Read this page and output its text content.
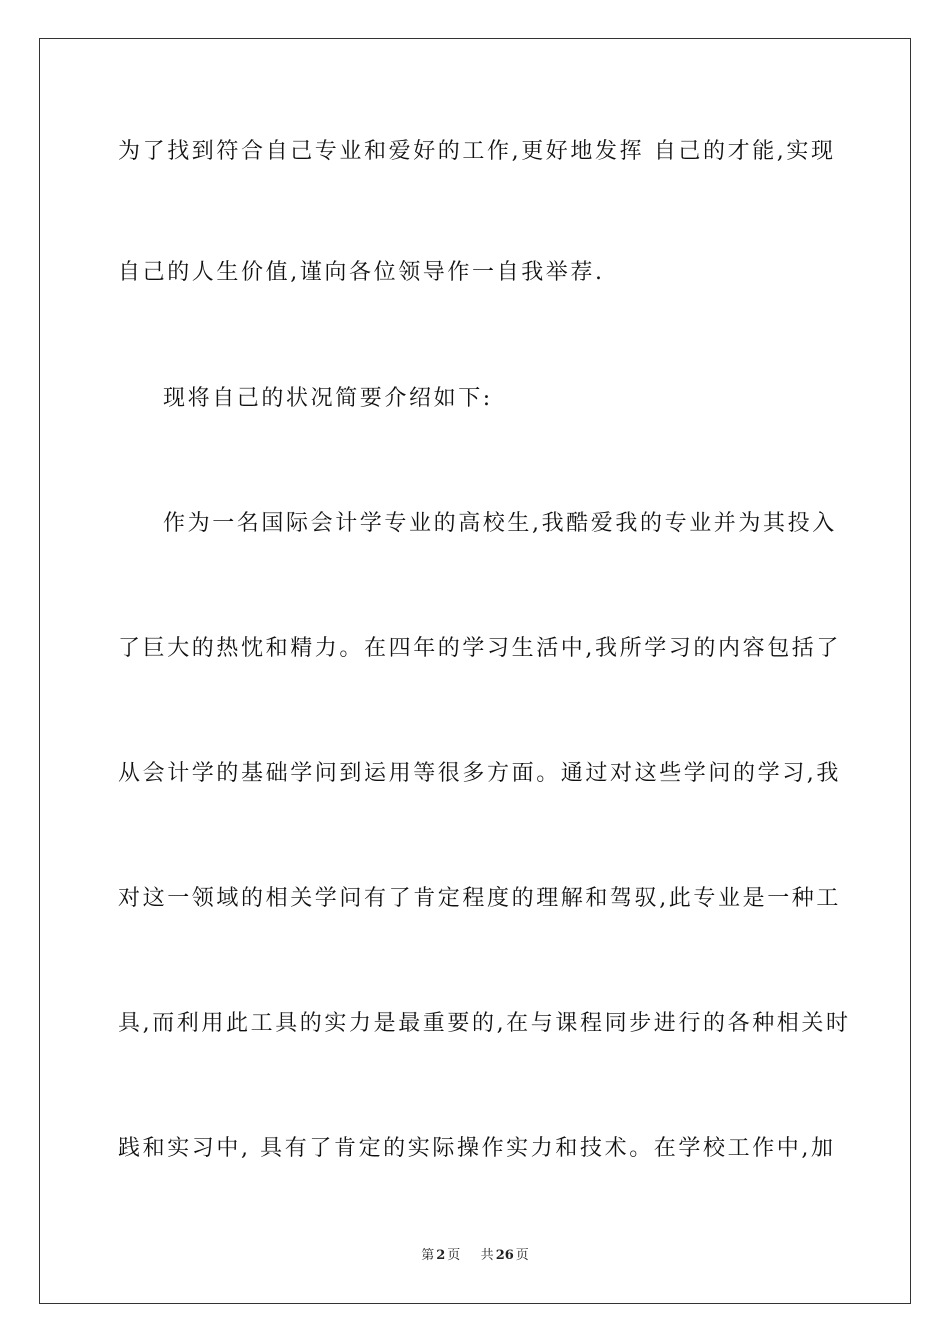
为了找到符合自己专业和爱好的工作,更好地发挥 自己的才能,实现
自己的人生价值,谨向各位领导作一自我举荐.
现将自己的状况简要介绍如下:
作为一名国际会计学专业的高校生,我酷爱我的专业并为其投入
了巨大的热忱和精力。在四年的学习生活中,我所学习的内容包括了
从会计学的基础学问到运用等很多方面。通过对这些学问的学习,我
对这一领域的相关学问有了肯定程度的理解和驾驭,此专业是一种工
具,而利用此工具的实力是最重要的,在与课程同步进行的各种相关时
践和实习中, 具有了肯定的实际操作实力和技术。在学校工作中,加
第 2 页 共 26 页
